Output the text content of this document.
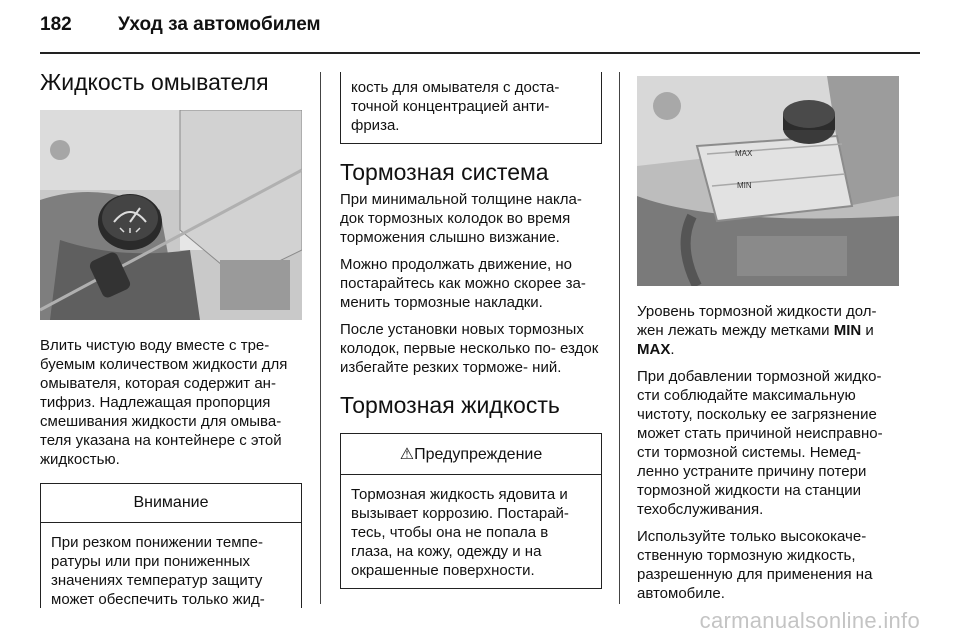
182 Уход за автомобилем
Жидкость омывателя

Влить чистую воду вместе с тре- буемым количеством жидкости для омывателя, которая содержит ан- тифриз. Надлежащая пропорция смешивания жидкости для омыва- теля указана на контейнере с этой жидкостью.

Внимание
При резком понижении темпе- ратуры или при пониженных значениях температур защиту может обеспечить только жид-
кость для омывателя с доста- точной концентрацией анти- фриза.
Тормозная система

При минимальной толщине накла- док тормозных колодок во время торможения слышно визжание.

Можно продолжать движение, но постарайтесь как можно скорее за- менить тормозные накладки.

После установки новых тормозных колодок, первые несколько по- ездок избегайте резких торможе- ний.

Тормозная жидкость
⚠Предупреждение
Тормозная жидкость ядовита и вызывает коррозию. Постарай- тесь, чтобы она не попала в глаза, на кожу, одежду и на окрашенные поверхности.
MAX
MIN

Уровень тормозной жидкости дол- жен лежать между метками MIN и MAX.

При добавлении тормозной жидко- сти соблюдайте максимальную чистоту, поскольку ее загрязнение может стать причиной неисправно- сти тормозной системы. Немед- ленно устраните причину потери тормозной жидкости на станции техобслуживания.

Используйте только высококаче- ственную тормозную жидкость, разрешенную для применения на автомобиле.

carmanualsonline.info
